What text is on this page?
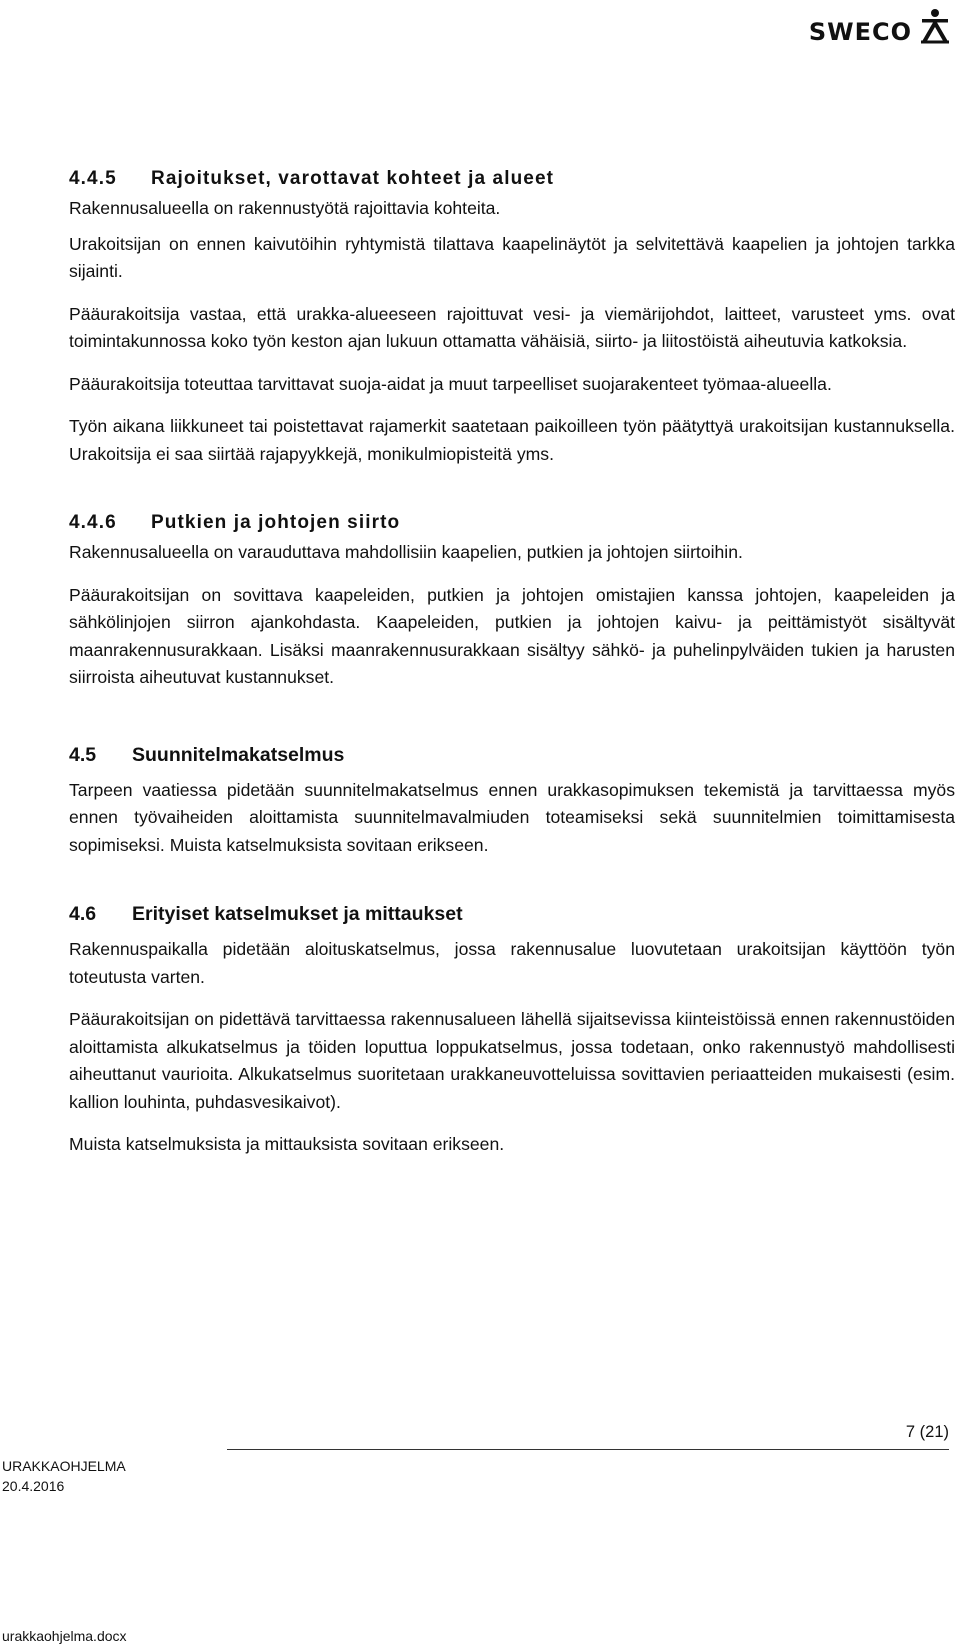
SWECO
4.4.5	Rajoitukset, varottavat kohteet ja alueet

Rakennusalueella on rakennustyötä rajoittavia kohteita.

Urakoitsijan on ennen kaivutöihin ryhtymistä tilattava kaapelinäytöt ja selvitettävä kaapelien ja johtojen tarkka sijainti.

Pääurakoitsija vastaa, että urakka-alueeseen rajoittuvat vesi- ja viemärijohdot, laitteet, varusteet yms. ovat toimintakunnossa koko työn keston ajan lukuun ottamatta vähäisiä, siirto- ja liitostöistä aiheutuvia katkoksia.

Pääurakoitsija toteuttaa tarvittavat suoja-aidat ja muut tarpeelliset suojarakenteet työmaa-alueella.

Työn aikana liikkuneet tai poistettavat rajamerkit saatetaan paikoilleen työn päätyttyä urakoitsijan kustannuksella. Urakoitsija ei saa siirtää rajapyykkejä, monikulmiopisteitä yms.

4.4.6	Putkien ja johtojen siirto

Rakennusalueella on varauduttava mahdollisiin kaapelien, putkien ja johtojen siirtoihin.

Pääurakoitsijan on sovittava kaapeleiden, putkien ja johtojen omistajien kanssa johtojen, kaapeleiden ja sähkölinjojen siirron ajankohdasta. Kaapeleiden, putkien ja johtojen kaivu- ja peittämistyöt sisältyvät maanrakennusurakkaan. Lisäksi maanrakennusurakkaan sisältyy sähkö- ja puhelinpylväiden tukien ja harusten siirroista aiheutuvat kustannukset.

4.5	Suunnitelmakatselmus

Tarpeen vaatiessa pidetään suunnitelmakatselmus ennen urakkasopimuksen tekemistä ja tarvittaessa myös ennen työvaiheiden aloittamista suunnitelmavalmiuden toteamiseksi sekä suunnitelmien toimittamisesta sopimiseksi. Muista katselmuksista sovitaan erikseen.

4.6	Erityiset katselmukset ja mittaukset

Rakennuspaikalla pidetään aloituskatselmus, jossa rakennusalue luovutetaan urakoitsijan käyttöön työn toteutusta varten.

Pääurakoitsijan on pidettävä tarvittaessa rakennusalueen lähellä sijaitsevissa kiinteistöissä ennen rakennustöiden aloittamista alkukatselmus ja töiden loputtua loppukatselmus, jossa todetaan, onko rakennustyö mahdollisesti aiheuttanut vaurioita. Alkukatselmus suoritetaan urakkaneuvotteluissa sovittavien periaatteiden mukaisesti (esim. kallion louhinta, puhdasvesikaivot).

Muista katselmuksista ja mittauksista sovitaan erikseen.

7 (21)
URAKKAOHJELMA
20.4.2016
urakkaohjelma.docx
